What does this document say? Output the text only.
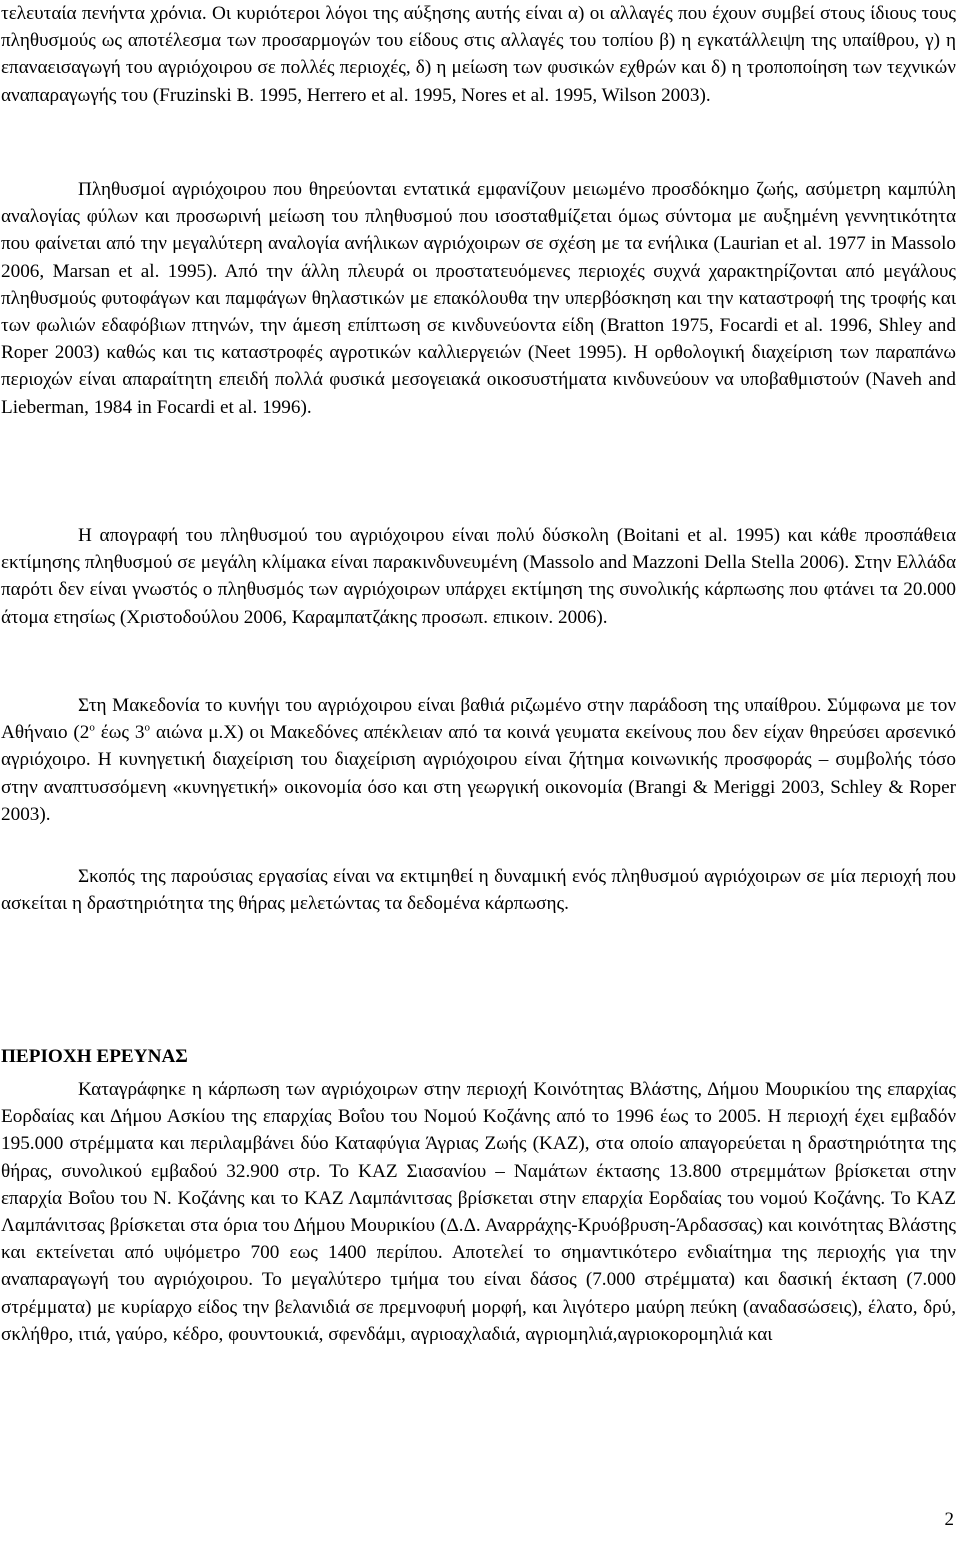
τελευταία πενήντα χρόνια. Οι κυριότεροι λόγοι της αύξησης αυτής είναι α) οι αλλαγές που έχουν συμβεί στους ίδιους τους πληθυσμούς ως αποτέλεσμα των προσαρμογών του είδους στις αλλαγές του τοπίου β) η εγκατάλλειψη της υπαίθρου, γ) η επαναεισαγωγή του αγριόχοιρου σε πολλές περιοχές, δ) η μείωση των φυσικών εχθρών και δ) η τροποποίηση των τεχνικών αναπαραγωγής του (Fruzinski B. 1995, Herrero et al. 1995, Nores et al. 1995, Wilson 2003).

Πληθυσμοί αγριόχοιρου που θηρεύονται εντατικά εμφανίζουν μειωμένο προσδόκημο ζωής, ασύμετρη καμπύλη αναλογίας φύλων και προσωρινή μείωση του πληθυσμού που ισοσταθμίζεται όμως σύντομα με αυξημένη γεννητικότητα που φαίνεται από την μεγαλύτερη αναλογία ανήλικων αγριόχοιρων σε σχέση με τα ενήλικα (Laurian et al. 1977 in Massolo 2006, Marsan et al. 1995). Από την άλλη πλευρά οι προστατευόμενες περιοχές συχνά χαρακτηρίζονται από μεγάλους πληθυσμούς φυτοφάγων και παμφάγων θηλαστικών με επακόλουθα την υπερβόσκηση και την καταστροφή της τροφής και των φωλιών εδαφόβιων πτηνών, την άμεση επίπτωση σε κινδυνεύοντα είδη (Bratton 1975, Focardi et al. 1996, Shley and Roper 2003) καθώς και τις καταστροφές αγροτικών καλλιεργειών (Neet 1995). Η ορθολογική διαχείριση των παραπάνω περιοχών είναι απαραίτητη επειδή πολλά φυσικά μεσογειακά οικοσυστήματα κινδυνεύουν να υποβαθμιστούν (Naveh and Lieberman, 1984 in Focardi et al. 1996).

Η απογραφή του πληθυσμού του αγριόχοιρου είναι πολύ δύσκολη (Boitani et al. 1995) και κάθε προσπάθεια εκτίμησης πληθυσμού σε μεγάλη κλίμακα είναι παρακινδυνευμένη (Massolo and Mazzoni Della Stella 2006). Στην Ελλάδα παρότι δεν είναι γνωστός ο πληθυσμός των αγριόχοιρων υπάρχει εκτίμηση της συνολικής κάρπωσης που φτάνει τα 20.000 άτομα ετησίως (Χριστοδούλου 2006, Καραμπατζάκης προσωπ. επικοιν. 2006).

Στη Μακεδονία το κυνήγι του αγριόχοιρου είναι βαθιά ριζωμένο στην παράδοση της υπαίθρου. Σύμφωνα με τον Αθήναιο ($2^o$ έως $3^o$ αιώνα μ.Χ) οι Μακεδόνες απέκλειαν από τα κοινά γευματα εκείνους που δεν είχαν θηρεύσει αρσενικό αγριόχοιρο. Η κυνηγετική διαχείριση του διαχείριση αγριόχοιρου είναι ζήτημα κοινωνικής προσφοράς – συμβολής τόσο στην αναπτυσσόμενη «κυνηγετική» οικονομία όσο και στη γεωργική οικονομία (Brangi & Meriggi 2003, Schley & Roper 2003).

Σκοπός της παρούσιας εργασίας είναι να εκτιμηθεί η δυναμική ενός πληθυσμού αγριόχοιρων σε μία περιοχή που ασκείται η δραστηριότητα της θήρας μελετώντας τα δεδομένα κάρπωσης.

ΠΕΡΙΟΧΗ ΕΡΕΥΝΑΣ

Καταγράφηκε η κάρπωση των αγριόχοιρων στην περιοχή Κοινότητας Βλάστης, Δήμου Μουρικίου της επαρχίας Εορδαίας και Δήμου Ασκίου της επαρχίας Βοΐου του Νομού Κοζάνης από το 1996 έως το 2005. Η περιοχή έχει εμβαδόν 195.000 στρέμματα και περιλαμβάνει δύο Καταφύγια Άγριας Ζωής (ΚΑΖ), στα οποίο απαγορεύεται η δραστηριότητα της θήρας, συνολικού εμβαδού 32.900 στρ. Το ΚΑΖ Σιασανίου – Ναμάτων έκτασης 13.800 στρεμμάτων βρίσκεται στην επαρχία Βοΐου του Ν. Κοζάνης και το ΚΑΖ Λαμπάνιτσας βρίσκεται στην επαρχία Εορδαίας του νομού Κοζάνης. Το ΚΑΖ Λαμπάνιτσας βρίσκεται στα όρια του Δήμου Μουρικίου (Δ.Δ. Αναρράχης-Κρυόβρυση-Άρδασσας) και κοινότητας Βλάστης και εκτείνεται από υψόμετρο 700 εως 1400 περίπου. Αποτελεί το σημαντικότερο ενδιαίτημα της περιοχής για την αναπαραγωγή του αγριόχοιρου. Το μεγαλύτερο τμήμα του είναι δάσος (7.000 στρέμματα) και δασική έκταση (7.000 στρέμματα) με κυρίαρχο είδος την βελανιδιά σε πρεμνοφυή μορφή, και λιγότερο μαύρη πεύκη (αναδασώσεις), έλατο, δρύ, σκλήθρο, ιτιά, γαύρο, κέδρο, φουντουκιά, σφενδάμι, αγριοαχλαδιά, αγριομηλιά,αγριοκορομηλιά και

2
